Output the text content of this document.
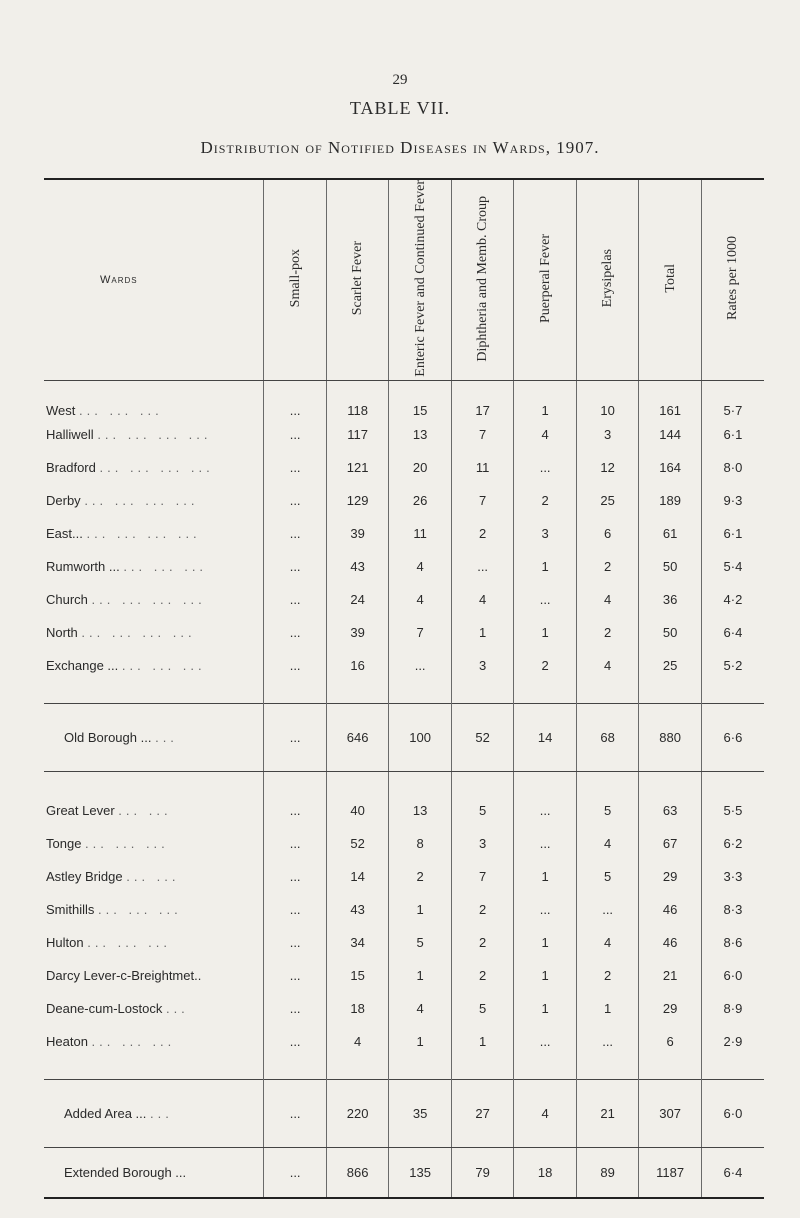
29
TABLE VII.
Distribution of Notified Diseases in Wards, 1907.
Wards	Small-pox	Scarlet Fever	Enteric Fever and Continued Fever	Diphtheria and Memb. Croup	Puerperal Fever	Erysipelas	Total	Rates per 1000
West ... ... ...	...	118	15	17	1	10	161	5·7
Halliwell ... ... ... ...	...	117	13	7	4	3	144	6·1
Bradford ... ... ... ...	...	121	20	11	...	12	164	8·0
Derby ... ... ... ...	...	129	26	7	2	25	189	9·3
East... ... ... ... ...	...	39	11	2	3	6	61	6·1
Rumworth ... ... ... ...	...	43	4	...	1	2	50	5·4
Church ... ... ... ...	...	24	4	4	...	4	36	4·2
North ... ... ... ...	...	39	7	1	1	2	50	6·4
Exchange ... ... ... ...	...	16	...	3	2	4	25	5·2

Old Borough ... ...	...	646	100	52	14	68	880	6·6

Great Lever ... ...	...	40	13	5	...	5	63	5·5
Tonge ... ... ...	...	52	8	3	...	4	67	6·2
Astley Bridge ... ...	...	14	2	7	1	5	29	3·3
Smithills ... ... ...	...	43	1	2	...	...	46	8·3
Hulton ... ... ...	...	34	5	2	1	4	46	8·6
Darcy Lever-c-Breightmet..	...	15	1	2	1	2	21	6·0
Deane-cum-Lostock ...	...	18	4	5	1	1	29	8·9
Heaton ... ... ...	...	4	1	1	...	...	6	2·9

Added Area ... ...	...	220	35	27	4	21	307	6·0
Extended Borough ...	...	866	135	79	18	89	1187	6·4
